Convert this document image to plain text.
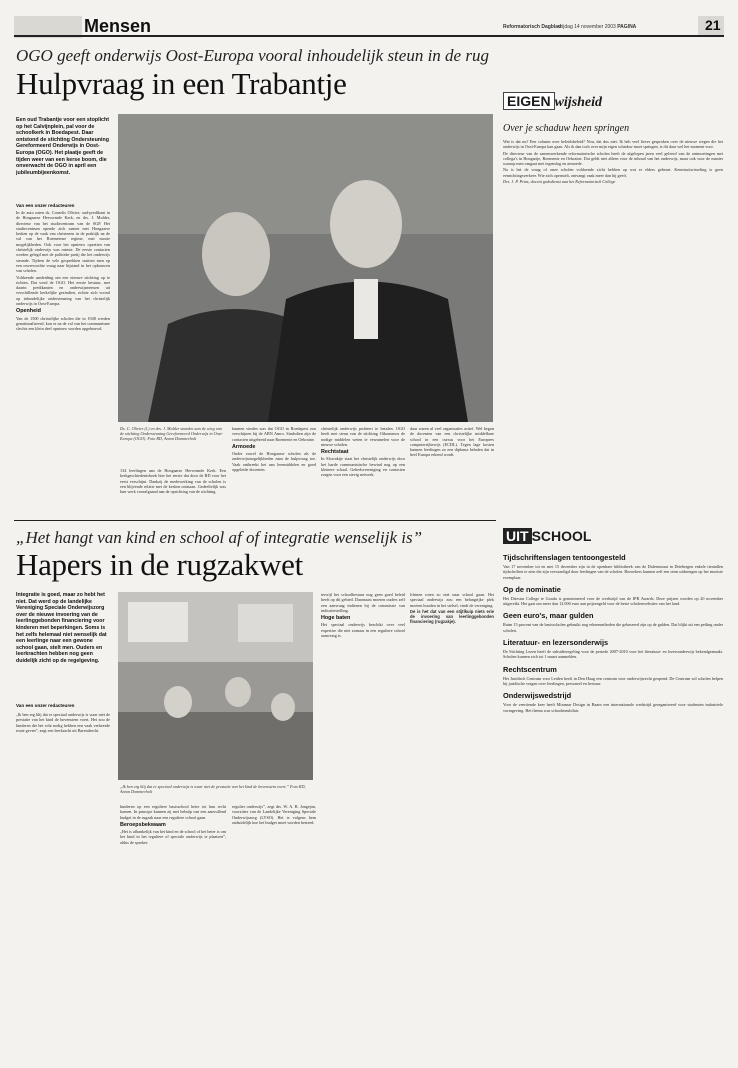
Mensen	Reformatorisch Dagblad
vrijdag 14 november 2003 PAGINA	21
OGO geeft onderwijs Oost-Europa vooral inhoudelijk steun in de rug
Hulpvraag in een Trabantje
Een oud Trabantje voor een stoplicht op het Calvijnplein, pal voor de schoolkerk in Boedapest. Daar ontstond de stichting Ondersteuning Gereformeerd Onderwijs in Oost-Europa (OGO). Het plaatje geeft de tijden weer van een kerse boom, die onverwacht de OGO in april een jubileumbijeenkomst.
Van een onzer redacteuren

In de auto zaten ds. Cornelis Olivier, oud-predikant in de Hongaarse Hervormde Kerk, en drs. J. Mulder, directeur van het studiecentrum van de SGP. Het studiecentrum opende zich samen met Hongaarse kerken op de vaak van christenen in de praktijk na de val van het Roemeense regime, met mooie mogelijkheden. Ook voor het opnieuw opzetten van christelijk onderwijs was ruimte. De eerste contacten werden gelegd met de politieke partij die het onderwijs steunde. Tijdens de vele gesprekken stuitten men op een onverwachte vraag naar bijstand in het opbouwen van scholen.

Voldoende aanleiding om een nieuwe stichting op te richten. Dat werd de OGO. Het eerste bestuur, met daarin predikanten en onderwijsmensen uit verschillende kerkelijke gezindten, richtte zich vooral op inhoudelijke ondersteuning van het christelijk onderwijs in Oost-Europa.

Openheid

Van de 1500 christelijke scholen die in 1948 werden genationaliseerd, kon er na de val van het communisme slechts een klein deel opnieuw worden opgebouwd.

Ds. C. Olivier (l.) en drs. J. Mulder stonden aan de wieg van de stichting Ondersteuning Gereformeerd Onderwijs in Oost-Europa (OGO). Foto RD, Anton Dommerholt

134 leerlingen aan de Hongaarse Hervormde Kerk. Een kerkgeschiedenisboek hier het eerste dat door de RD voor het eerst verschijnt. Dankzij de medewerking van de scholen is een blijvende relatie met de kerken ontstaan. Gedeeltelijk was hun werk voorafgaand aan de oprichting van de stichting.

kunnen vinden was dat OGO in Boedapest zou verschijnen bij de ABN Amro. Sindsdien zijn de contacten uitgebreid naar Roemenie en Oekraine.

Armoede

Onder zowel de Hongaarse scholen als de onderwijsmogelijkheden nam de hulpvraag toe. Vaak ontbreekt het aan leermiddelen en goed opgeleide docenten.

christelijk onderwijs probeert te betalen. OGO heeft met steun van de stichting Oikonomos de nodige middelen weten te verzamelen voor de nieuwe scholen.

Rechtstaat

In Slowakije staat het christelijk onderwijs door het harde communistische bewind nog op een kleinere schaal. Gebedsvereniging en contacten zorgen voor een stevig netwerk.

daar waren al veel organisaties actief. Wel begon de docenten van een christelijke middelbare school in een cursus voor het Europees computerrijbewijs (ECDL). Tegen lage kosten kunnen leerlingen zo een diploma behalen dat in heel Europa erkend wordt.

EIGEN wijsheid
Over je schaduw heen springen

Wat is dat nu? Een column over beleidsbeleid? Nou, dat dus niet. Ik heb veel liever gesproken over de nieuwe wegen die het onderwijs in Oost-Europa kan gaan. Als ik dan toch over mijn eigen schaduw moet springen, is dit daar wel het moment voor.

De directeur van de samenwerkende reformatorische scholen heeft de afgelopen jaren veel geleerd van de ontmoetingen met collega's in Hongarije, Roemenie en Oekraine. Dat geldt niet alleen voor de inhoud van het onderwijs, maar ook voor de manier waarop men omgaat met tegenslag en armoede.

Na is het de vraag of onze scholen voldoende zicht hebben op wat er elders gebeurt. Kennisuitwisseling is geen eenrichtingsverkeer. Wie zich openstelt, ontvangt vaak meer dan hij geeft.

Drs. J. P. Prins, docent godsdienst aan het Reformatorisch College

UIT SCHOOL
Tijdschriftenslagen tentoongesteld
Van 17 november tot en met 15 december zijn in de openbare bibliotheek van de Dalemstraat in Driebergen enkele tientallen tijdschriften te zien die zijn vervaardigd door leerlingen van de scholen. Bezoekers kunnen zelf een stem uitbrengen op het mooiste exemplaar.
Op de nominatie
Het Driestar College te Gouda is genomineerd voor de wedstrijd van de IPR Awards. Deze prijzen worden op 20 november uitgereikt. Het gaat om meer dan 12.000 euro aan prijzengeld voor de beste scholenwebsites van het land.
Geen euro's, maar gulden
Ruim 15 procent van de basisscholen gebruikt nog rekenmethoden die gebaseerd zijn op de gulden. Dat blijkt uit een peiling onder scholen.
Literatuur- en lezersonderwijs
De Stichting Lezen heeft de subsidieregeling voor de periode 2007-2010 voor het literatuur- en lezersonderwijs bekendgemaakt. Scholen kunnen zich tot 1 maart aanmelden.
Rechtscentrum
Het Juridisch Centrum voor Leiden heeft in Den Haag een centrum voor onderwijsrecht geopend. De Centrum wil scholen helpen bij juridische vragen over leerlingen, personeel en bestuur.
Onderwijswedstrijd
Voor de veertiende keer heeft Miramar Design in Baarn een internationale wedstrijd georganiseerd voor studenten industriele vormgeving. Het thema was schoolmeubilair.
„Het hangt van kind en school af of integratie wenselijk is”
Hapers in de rugzakwet
Integratie is goed, maar zo hebt het niet. Dat werd op de landelijke Vereniging Speciale Onderwijszorg over de nieuwe invoering van de leerlinggebonden financiering voor kinderen met beperkingen. Soms is het zelfs helemaal niet wenselijk dat een leerlinge naar een gewone school gaan, stelt men. Ouders en leerkrachten hebben nog geen duidelijk zicht op de regelgeving.
Van een onzer redacteuren

„Ik ben erg blij dat er speciaal onderwijs is waar niet de prestatie van het kind de bovenstem voert. Het zou de kinderen die het echt nodig hebben een vaak verkeerde route geven”, zegt een leerkracht uit Barendrecht.

„Ik ben erg blij dat er speciaal onderwijs is waar niet de prestatie van het kind de bovenstem voert.” Foto RD, Anton Dommerholt

kinderen op een reguliere basisschool beter tot hun recht komen. In principe kunnen zij met behulp van een aanvullend budget in de rugzak naar een reguliere school gaan.

Beroepsbekwaam

„Het is afhankelijk van het kind en de school of het beter is om het kind in het reguliere of speciale onderwijs te plaatsen”, aldus de spreker.

regulier onderwijs”, zegt drs. W. A. B. Jongejan, voorzitter van de Landelijke Vereniging Speciale Onderwijszorg (LVSO). Het is volgens hem onduidelijk hoe het budget moet worden besteed.

terwijl het schoolbestuur nog geen goed beleid heeft op dit gebied. Daarnaast moeten ouders zelf een aanvraag indienen bij de commissie van indicatiestelling.

Hoge baten

Het speciaal onderwijs beschikt over veel expertise die niet zomaar in een reguliere school aanwezig is.

lchtnen roten zo niet naar school gaan. Het speciaal onderwijs zou een belangrijke plek moeten houden in het stelsel, vindt de vereniging.

De is het dat van een stijtlkuip niets erie de invoering van leerlinggebonden financiering (rugzakje).
